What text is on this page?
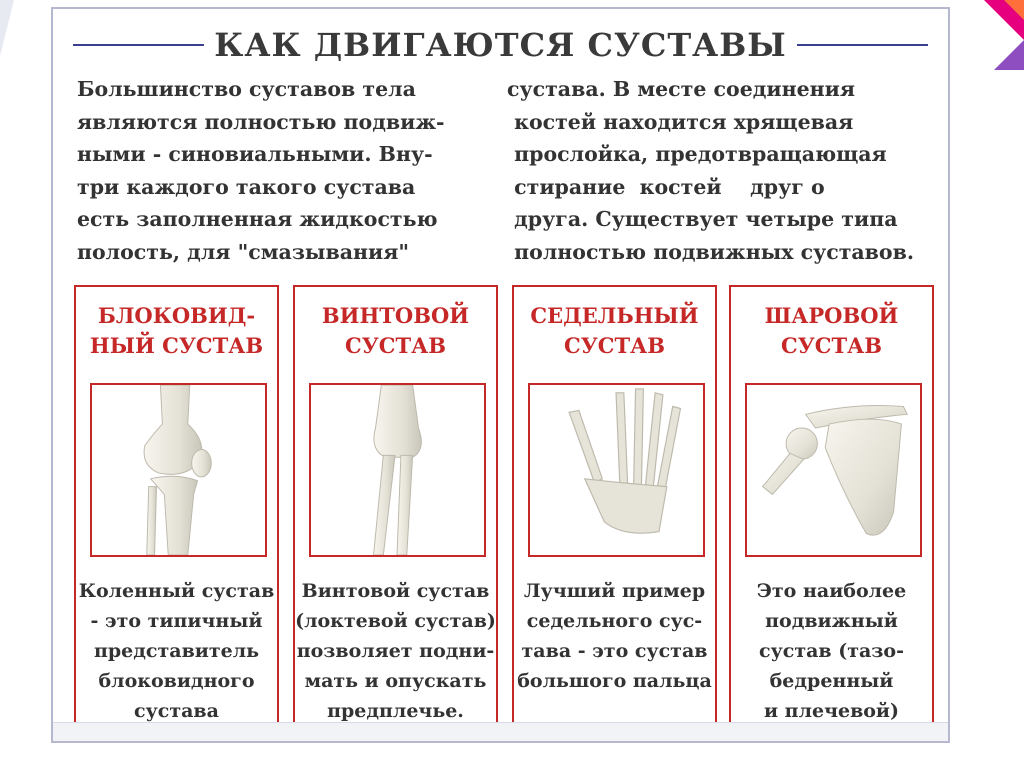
КАК ДВИГАЮТСЯ СУСТАВЫ
Большинство суставов тела
являются полностью подвиж-
ными - синовиальными. Вну-
три каждого такого сустава
есть заполненная жидкостью
полость, для "смазывания"
сустава. В месте соединения
костей находится хрящевая
прослойка, предотвращающая
стирание  костей    друг о
друга. Существует четыре типа
полностью подвижных суставов.
БЛОКОВИД-
НЫЙ СУСТАВ
Коленный сустав
- это типичный
представитель
блоковидного
сустава
ВИНТОВОЙ
СУСТАВ
Винтовой сустав
(локтевой сустав)
позволяет подни-
мать и опускать
предплечье.
СЕДЕЛЬНЫЙ
СУСТАВ
Лучший пример
седельного сус-
тава - это сустав
большого пальца
ШАРОВОЙ
СУСТАВ
Это наиболее
подвижный
сустав (тазо-
бедренный
и плечевой)
